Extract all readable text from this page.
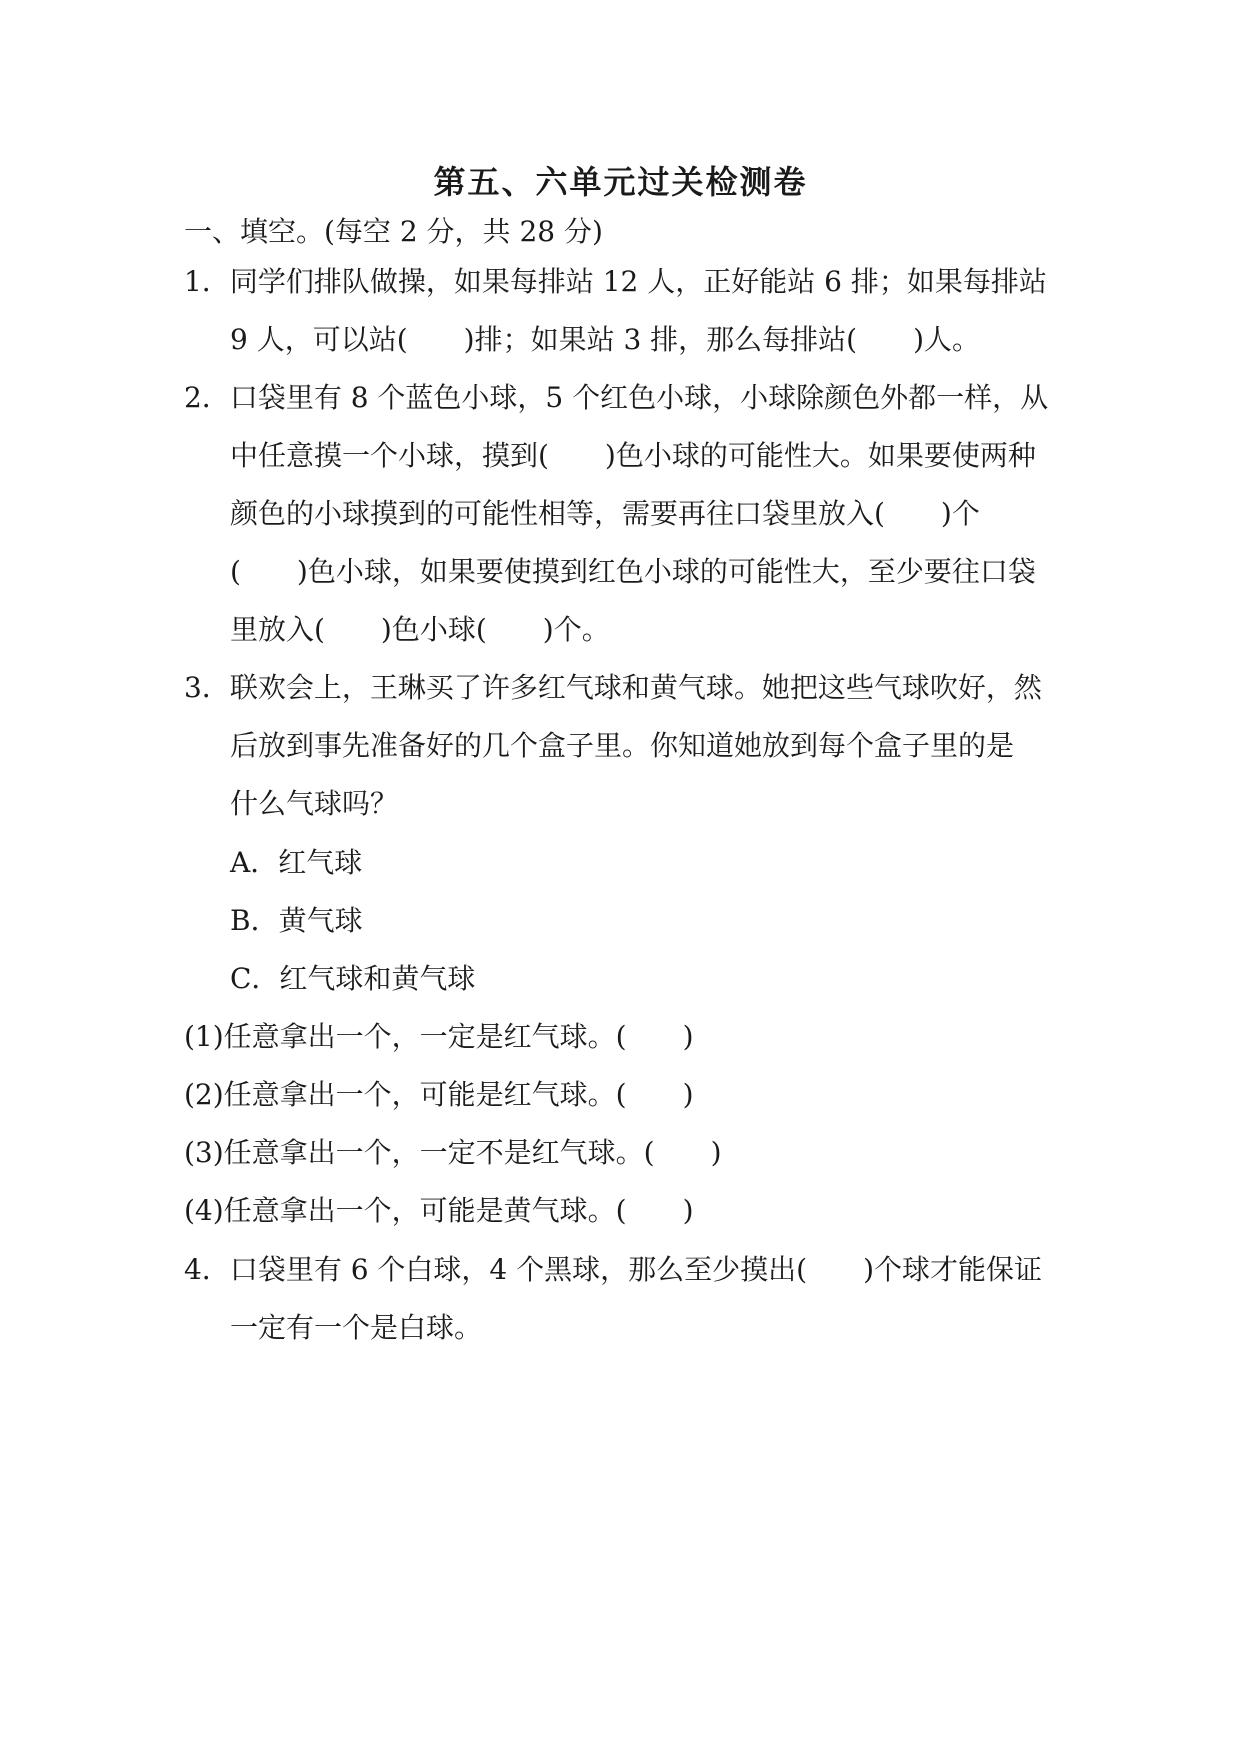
第五、六单元过关检测卷
一、填空。(每空 2 分，共 28 分)
1．同学们排队做操，如果每排站 12 人，正好能站 6 排；如果每排站
9 人，可以站(　　)排；如果站 3 排，那么每排站(　　)人。
2．口袋里有 8 个蓝色小球，5 个红色小球，小球除颜色外都一样，从
中任意摸一个小球，摸到(　　)色小球的可能性大。如果要使两种
颜色的小球摸到的可能性相等，需要再往口袋里放入(　　)个
(　　)色小球，如果要使摸到红色小球的可能性大，至少要往口袋
里放入(　　)色小球(　　)个。
3．联欢会上，王琳买了许多红气球和黄气球。她把这些气球吹好，然
后放到事先准备好的几个盒子里。你知道她放到每个盒子里的是
什么气球吗？
A．红气球
B．黄气球
C．红气球和黄气球
(1)任意拿出一个，一定是红气球。(　　)
(2)任意拿出一个，可能是红气球。(　　)
(3)任意拿出一个，一定不是红气球。(　　)
(4)任意拿出一个，可能是黄气球。(　　)
4．口袋里有 6 个白球，4 个黑球，那么至少摸出(　　)个球才能保证
一定有一个是白球。
